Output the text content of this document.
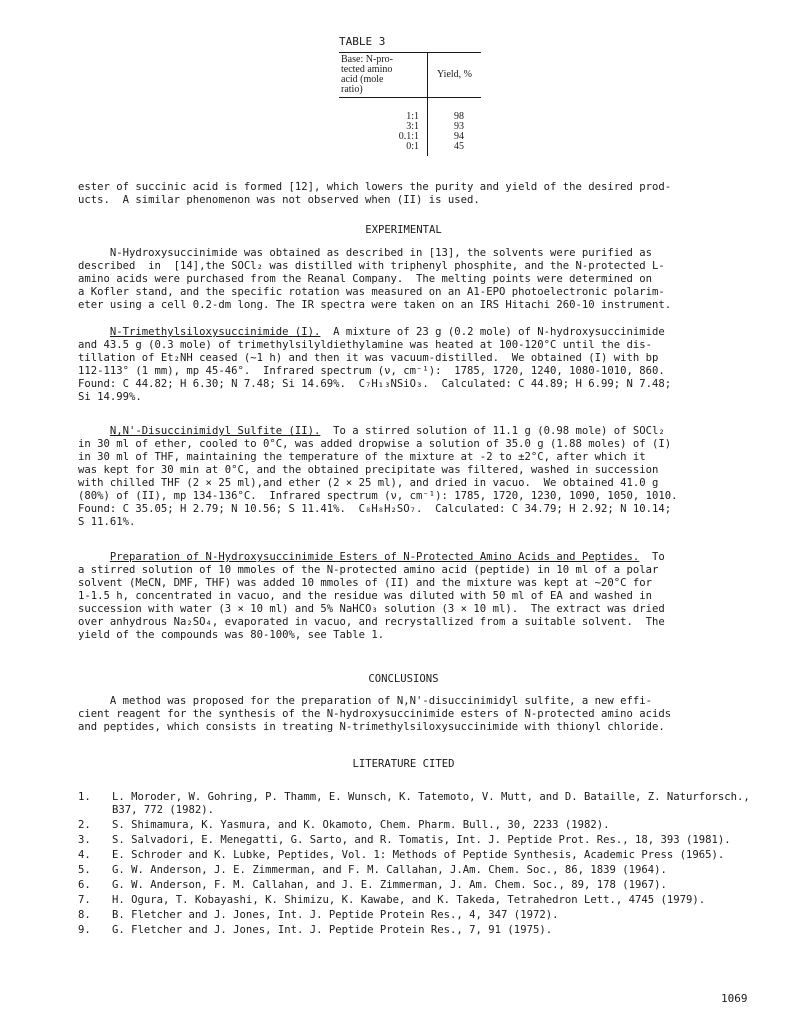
TABLE 3
Base: N-pro-
tected amino
acid (mole
ratio)	Yield, %
1:1	98
3:1	93
0.1:1	94
0:1	45
ester of succinic acid is formed [12], which lowers the purity and yield of the desired prod-
ucts.  A similar phenomenon was not observed when (II) is used.
EXPERIMENTAL
N-Hydroxysuccinimide was obtained as described in [13], the solvents were purified as
described  in  [14],the SOCl₂ was distilled with triphenyl phosphite, and the N-protected L-
amino acids were purchased from the Reanal Company.  The melting points were determined on
a Kofler stand, and the specific rotation was measured on an A1-EPO photoelectronic polarim-
eter using a cell 0.2-dm long. The IR spectra were taken on an IRS Hitachi 260-10 instrument.
N-Trimethylsiloxysuccinimide (I).  A mixture of 23 g (0.2 mole) of N-hydroxysuccinimide
and 43.5 g (0.3 mole) of trimethylsilyldiethylamine was heated at 100-120°C until the dis-
tillation of Et₂NH ceased (~1 h) and then it was vacuum-distilled.  We obtained (I) with bp
112-113° (1 mm), mp 45-46°.  Infrared spectrum (ν, cm⁻¹):  1785, 1720, 1240, 1080-1010, 860.
Found: C 44.82; H 6.30; N 7.48; Si 14.69%.  C₇H₁₃NSiO₃.  Calculated: C 44.89; H 6.99; N 7.48;
Si 14.99%.
N,N'-Disuccinimidyl Sulfite (II).  To a stirred solution of 11.1 g (0.98 mole) of SOCl₂
in 30 ml of ether, cooled to 0°C, was added dropwise a solution of 35.0 g (1.88 moles) of (I)
in 30 ml of THF, maintaining the temperature of the mixture at -2 to ±2°C, after which it
was kept for 30 min at 0°C, and the obtained precipitate was filtered, washed in succession
with chilled THF (2 × 25 ml),and ether (2 × 25 ml), and dried in vacuo.  We obtained 41.0 g
(80%) of (II), mp 134-136°C.  Infrared spectrum (ν, cm⁻¹): 1785, 1720, 1230, 1090, 1050, 1010.
Found: C 35.05; H 2.79; N 10.56; S 11.41%.  C₈H₈H₂SO₇.  Calculated: C 34.79; H 2.92; N 10.14;
S 11.61%.
Preparation of N-Hydroxysuccinimide Esters of N-Protected Amino Acids and Peptides.  To
a stirred solution of 10 mmoles of the N-protected amino acid (peptide) in 10 ml of a polar
solvent (MeCN, DMF, THF) was added 10 mmoles of (II) and the mixture was kept at ~20°C for
1-1.5 h, concentrated in vacuo, and the residue was diluted with 50 ml of EA and washed in
succession with water (3 × 10 ml) and 5% NaHCO₃ solution (3 × 10 ml).  The extract was dried
over anhydrous Na₂SO₄, evaporated in vacuo, and recrystallized from a suitable solvent.  The
yield of the compounds was 80-100%, see Table 1.
CONCLUSIONS
A method was proposed for the preparation of N,N'-disuccinimidyl sulfite, a new effi-
cient reagent for the synthesis of the N-hydroxysuccinimide esters of N-protected amino acids
and peptides, which consists in treating N-trimethylsiloxysuccinimide with thionyl chloride.
LITERATURE CITED
1.	L. Moroder, W. Gohring, P. Thamm, E. Wunsch, K. Tatemoto, V. Mutt, and D. Bataille, Z. Naturforsch., B37, 772 (1982).
2.	S. Shimamura, K. Yasmura, and K. Okamoto, Chem. Pharm. Bull., 30, 2233 (1982).
3.	S. Salvadori, E. Menegatti, G. Sarto, and R. Tomatis, Int. J. Peptide Prot. Res., 18, 393 (1981).
4.	E. Schroder and K. Lubke, Peptides, Vol. 1: Methods of Peptide Synthesis, Academic Press (1965).
5.	G. W. Anderson, J. E. Zimmerman, and F. M. Callahan, J.Am. Chem. Soc., 86, 1839 (1964).
6.	G. W. Anderson, F. M. Callahan, and J. E. Zimmerman, J. Am. Chem. Soc., 89, 178 (1967).
7.	H. Ogura, T. Kobayashi, K. Shimizu, K. Kawabe, and K. Takeda, Tetrahedron Lett., 4745 (1979).
8.	B. Fletcher and J. Jones, Int. J. Peptide Protein Res., 4, 347 (1972).
9.	G. Fletcher and J. Jones, Int. J. Peptide Protein Res., 7, 91 (1975).
1069
